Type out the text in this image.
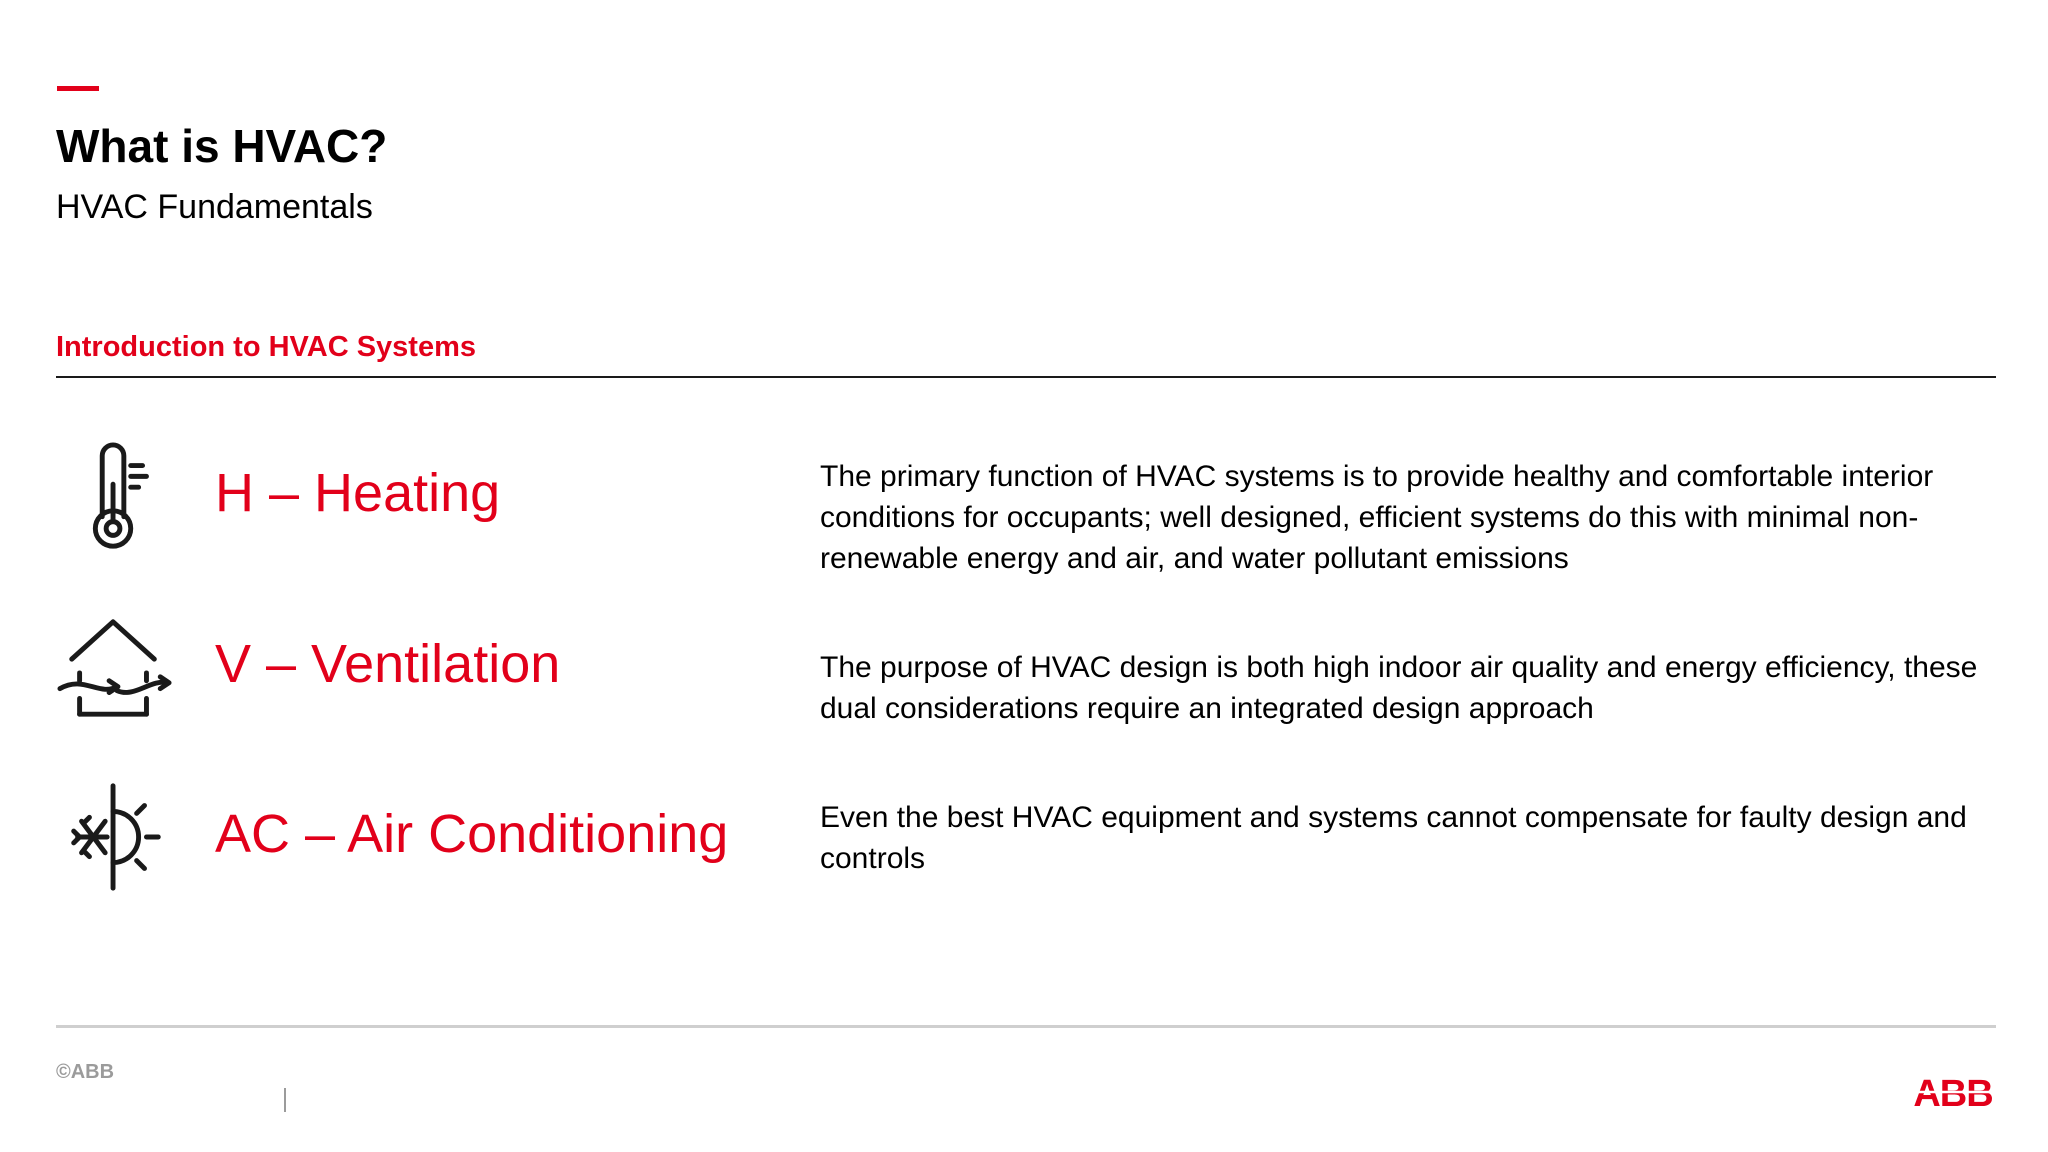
What is HVAC?
HVAC Fundamentals
Introduction to HVAC Systems
H – Heating	The primary function of HVAC systems is to provide healthy and comfortable interior conditions for occupants; well designed, efficient systems do this with minimal non-renewable energy and air, and water pollutant emissions
V – Ventilation	The purpose of HVAC design is both high indoor air quality and energy efficiency, these dual considerations require an integrated design approach
AC – Air Conditioning	Even the best HVAC equipment and systems cannot compensate for faulty design and controls
©ABB
ABB
